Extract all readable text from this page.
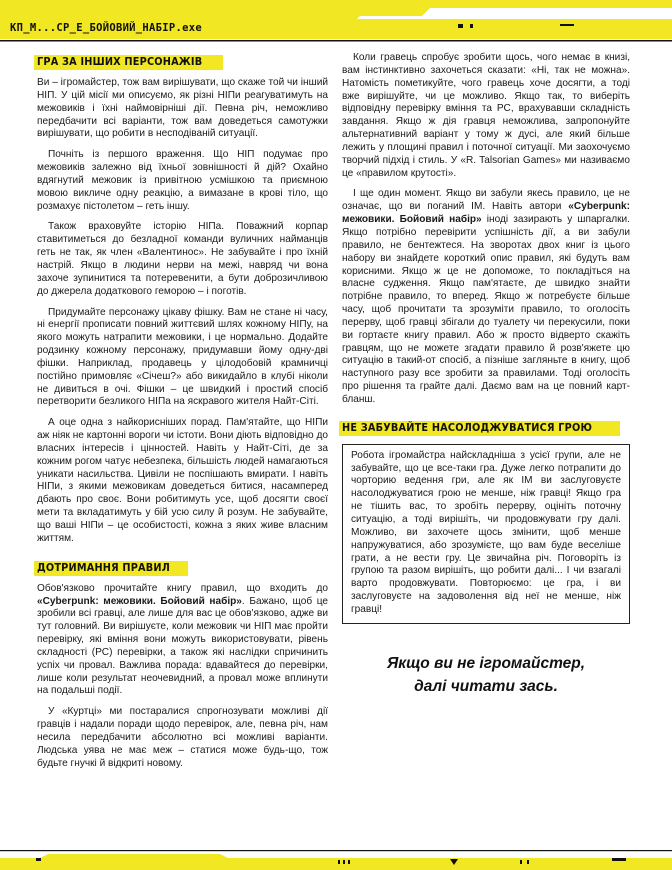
КП_М...СР_Е_БОЙОВИЙ_НАБІР.exe
ГРА ЗА ІНШИХ ПЕРСОНАЖІВ

Ви – ігромайстер, тож вам вирішувати, що скаже той чи інший НІП. У цій місії ми описуємо, як різні НІПи реагуватимуть на межовиків і їхні наймовірніші дії. Певна річ, неможливо передбачити всі варіанти, тож вам доведеться самотужки вирішувати, що робити в несподіваній ситуації.

Почніть із першого враження. Що НІП подумає про межовиків залежно від їхньої зовнішності й дій? Охайно вдягнутий межовик із привітною усмішкою та приємною мовою викличе одну реакцію, а вимазане в крові тіло, що розмахує пістолетом – геть іншу.

Також враховуйте історію НІПа. Поважний корпар ставитиметься до безладної команди вуличних найманців геть не так, як член «Валентинос». Не забувайте і про їхній настрій. Якщо в людини нерви на межі, навряд чи вона захоче зупинитися та потеревенити, а бути доброзичливою до джерела додаткового геморою – і поготів.

Придумайте персонажу цікаву фішку. Вам не стане ні часу, ні енергії прописати повний життєвий шлях кожному НІПу, на якого можуть натрапити межовики, і це нормально. Додайте родзинку кожному персонажу, придумавши йому одну-дві фішки. Наприклад, продавець у цілодобовій крамничці постійно примовляє «Січеш?» або викидайло в клубі ніколи не дивиться в очі. Фішки – це швидкий і простий спосіб перетворити безликого НІПа на яскравого жителя Найт-Сіті.

А оце одна з найкорисніших порад. Пам'ятайте, що НІПи аж ніяк не картонні вороги чи істоти. Вони діють відповідно до власних інтересів і цінностей. Навіть у Найт-Сіті, де за кожним рогом чатує небезпека, більшість людей намагаються уникати насильства. Цивіли не поспішають вмирати. І навіть НІПи, з якими межовикам доведеться битися, насамперед дбають про своє. Вони робитимуть усе, щоб досягти своєї мети та вкладатимуть у бій усю силу й розум. Не забувайте, що ваші НІПи – це особистості, кожна з яких живе власним життям.

ДОТРИМАННЯ ПРАВИЛ

Обов'язково прочитайте книгу правил, що входить до «Cyberpunk: межовики. Бойовий набір». Бажано, щоб це зробили всі гравці, але лише для вас це обов'язково, адже ви тут головний. Ви вирішуєте, коли межовик чи НІП має пройти перевірку, які вміння вони можуть використовувати, рівень складності (РС) перевірки, а також які наслідки спричинить успіх чи провал. Важлива порада: вдавайтеся до перевірки, лише коли результат неочевидний, а провал може вплинути на подальші події.

У «Куртці» ми постаралися спрогнозувати можливі дії гравців і надали поради щодо перевірок, але, певна річ, нам несила передбачити абсолютно всі можливі варіанти. Людська уява не має меж – статися може будь-що, тож будьте гнучкі й відкриті новому.

Коли гравець спробує зробити щось, чого немає в книзі, вам інстинктивно захочеться сказати: «Ні, так не можна». Натомість пометикуйте, чого гравець хоче досягти, а тоді вже вирішуйте, чи це можливо. Якщо так, то виберіть відповідну перевірку вміння та РС, врахувавши складність завдання. Якщо ж дія гравця неможлива, запропонуйте альтернативний варіант у тому ж дусі, але який більше лежить у площині правил і поточної ситуації. Ми заохочуємо творчий підхід і стиль. У «R. Talsorian Games» ми називаємо це «правилом крутості».

І ще один момент. Якщо ви забули якесь правило, це не означає, що ви поганий ІМ. Навіть автори «Cyberpunk: межовики. Бойовий набір» іноді зазирають у шпаргалки. Якщо потрібно перевірити успішність дії, а ви забули правило, не бентежтеся. На зворотах двох книг із цього набору ви знайдете короткий опис правил, які будуть вам корисними. Якщо ж це не допоможе, то покладіться на власне судження. Якщо пам'ятаєте, де швидко знайти потрібне правило, то вперед. Якщо ж потребуєте більше часу, щоб прочитати та зрозуміти правило, то оголосіть перерву, щоб гравці збігали до туалету чи перекусили, поки ви гортаєте книгу правил. Або ж просто відверто скажіть гравцям, що не можете згадати правило й розв'яжете цю ситуацію в такий-от спосіб, а пізніше загляньте в книгу, щоб наступного разу все зробити за правилами. Тоді оголосіть про рішення та грайте далі. Даємо вам на це повний карт-бланш.

НЕ ЗАБУВАЙТЕ НАСОЛОДЖУВАТИСЯ ГРОЮ

Робота ігромайстра найскладніша з усієї групи, але не забувайте, що це все-таки гра. Дуже легко потрапити до чорторию ведення гри, але як ІМ ви заслуговуєте насолоджуватися грою не менше, ніж гравці! Якщо гра не тішить вас, то зробіть перерву, оцініть поточну ситуацію, а тоді вирішіть, чи продовжувати гру далі. Можливо, ви захочете щось змінити, щоб менше напружуватися, або зрозумієте, що вам буде веселіше грати, а не вести гру. Це звичайна річ. Поговоріть із групою та разом вирішіть, що робити далі... І чи взагалі варто продовжувати. Повторюємо: це гра, і ви заслуговуєте на задоволення від неї не менше, ніж гравці!

Якщо ви не ігромайстер,
далі читати зась.
